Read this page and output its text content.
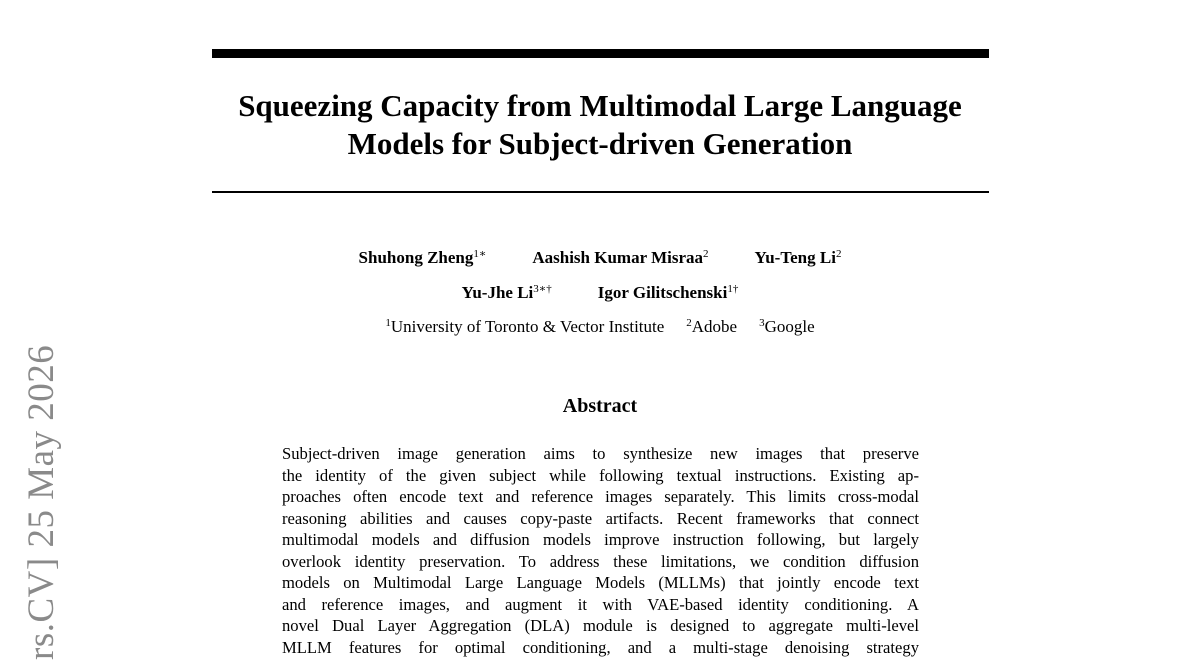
Squeezing Capacity from Multimodal Large Language
Models for Subject-driven Generation
Shuhong Zheng$^{1∗}$	Aashish Kumar Misraa$^2$	Yu-Teng Li$^2$
Yu-Jhe $Li^{3∗\dagger}$	Igor Gilitschenski$^{1\dagger}$
$^1$University of Toronto & Vector Institute $^2$Adobe $^3$Google
Abstract
Subject-driven image generation aims to synthesize new images that preserve
the identity of the given subject while following textual instructions. Existing ap-
proaches often encode text and reference images separately. This limits cross-modal
reasoning abilities and causes copy-paste artifacts. Recent frameworks that connect
multimodal models and diffusion models improve instruction following, but largely
overlook identity preservation. To address these limitations, we condition diffusion
models on Multimodal Large Language Models (MLLMs) that jointly encode text
and reference images, and augment it with VAE-based identity conditioning. A
novel Dual Layer Aggregation (DLA) module is designed to aggregate multi-level
MLLM features for optimal conditioning, and a multi-stage denoising strategy
rs.CV] 25 May 2026
